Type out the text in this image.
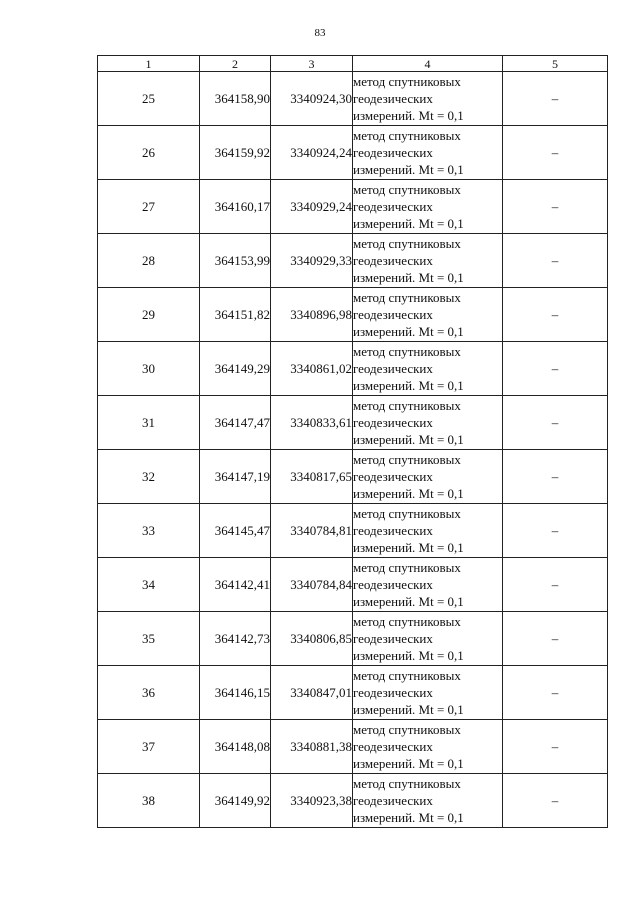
83
1	2	3	4	5
25	364158,90	3340924,30	метод спутниковых
геодезических
измерений. Mt = 0,1	–
26	364159,92	3340924,24	метод спутниковых
геодезических
измерений. Mt = 0,1	–
27	364160,17	3340929,24	метод спутниковых
геодезических
измерений. Mt = 0,1	–
28	364153,99	3340929,33	метод спутниковых
геодезических
измерений. Mt = 0,1	–
29	364151,82	3340896,98	метод спутниковых
геодезических
измерений. Mt = 0,1	–
30	364149,29	3340861,02	метод спутниковых
геодезических
измерений. Mt = 0,1	–
31	364147,47	3340833,61	метод спутниковых
геодезических
измерений. Mt = 0,1	–
32	364147,19	3340817,65	метод спутниковых
геодезических
измерений. Mt = 0,1	–
33	364145,47	3340784,81	метод спутниковых
геодезических
измерений. Mt = 0,1	–
34	364142,41	3340784,84	метод спутниковых
геодезических
измерений. Mt = 0,1	–
35	364142,73	3340806,85	метод спутниковых
геодезических
измерений. Mt = 0,1	–
36	364146,15	3340847,01	метод спутниковых
геодезических
измерений. Mt = 0,1	–
37	364148,08	3340881,38	метод спутниковых
геодезических
измерений. Mt = 0,1	–
38	364149,92	3340923,38	метод спутниковых
геодезических
измерений. Mt = 0,1	–
